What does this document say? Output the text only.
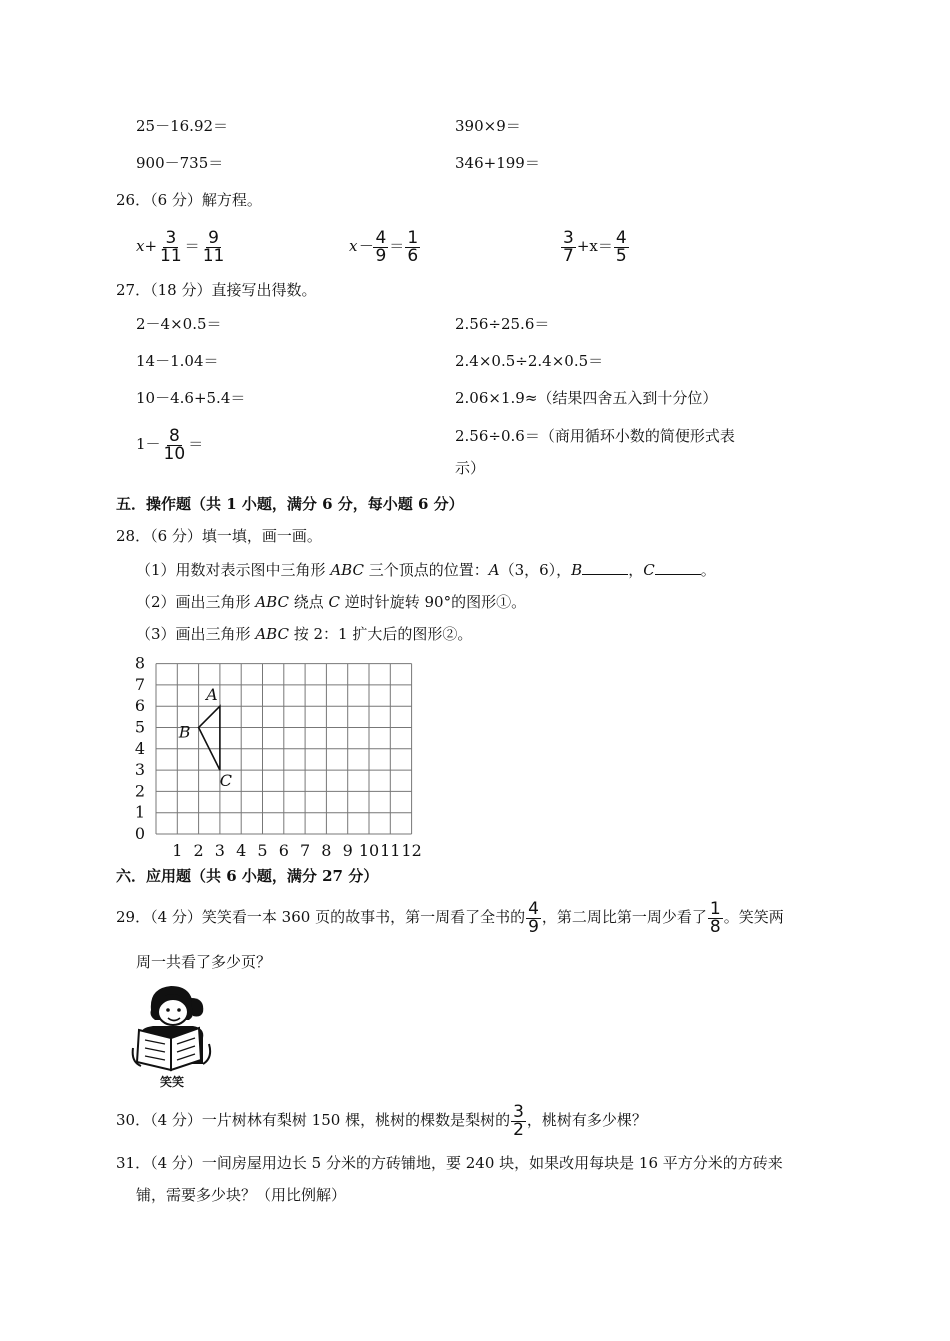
25－16.92＝	390×9＝
900－735＝	346+199＝
26．（6 分）解方程。
$x+ \frac{3}{11} = \frac{9}{11}$	$x- \frac{4}{9} = \frac{1}{6}$	$\frac{3}{7} +x= \frac{4}{5}$
27．（18 分）直接写出得数。
2－4×0.5＝	2.56÷25.6＝
14－1.04＝	2.4×0.5÷2.4×0.5＝
10－4.6+5.4＝	2.06×1.9≈（结果四舍五入到十分位）
$1- \frac{8}{10}$ ＝	2.56÷0.6＝（商用循环小数的简便形式表
示）
五．操作题（共 1 小题，满分 6 分，每小题 6 分）
28．（6 分）填一填，画一画。
（1）用数对表示图中三角形 ABC 三个顶点的位置：A（3，6），B	，C	。
（2）画出三角形 ABC 绕点 C 逆时针旋转 90°的图形①。
（3）画出三角形 ABC 按 2：1 扩大后的图形②。
1 2 3 4 5 6 7 8 9 10 11 12
0
1
2
3
4
5
6
7
8
A
B
C
六．应用题（共 6 小题，满分 27 分）
29．（4 分）笑笑看一本 360 页的故事书，第一周看了全书的 $\frac{4}{9}$ ，第二周比第一周少看了 $\frac{1}{8}$ 。笑笑两
周一共看了多少页？
笑笑
30．（4 分）一片树林有梨树 150 棵，桃树的棵数是梨树的 $\frac{3}{2}$ ，桃树有多少棵？
31．（4 分）一间房屋用边长 5 分米的方砖铺地，要 240 块，如果改用每块是 16 平方分米的方砖来
铺，需要多少块？（用比例解）
